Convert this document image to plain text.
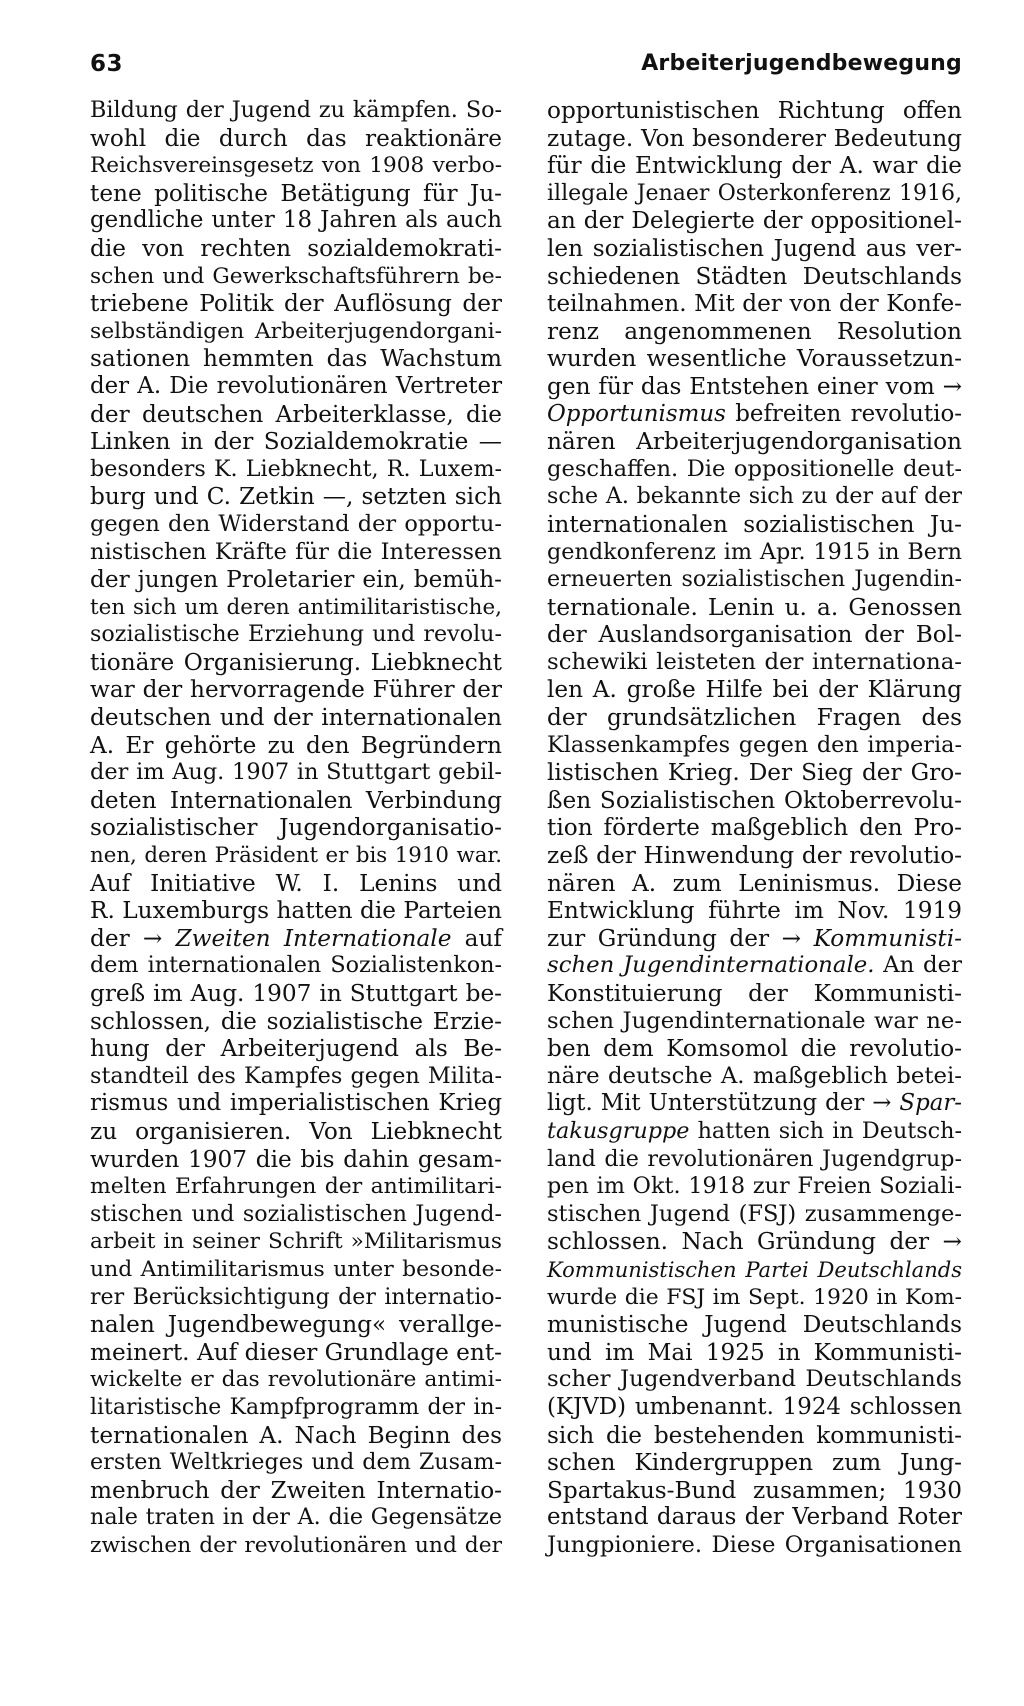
63	Arbeiterjugendbewegung
Bildung der Jugend zu kämpfen. So-
wohl die durch das reaktionäre
Reichsvereinsgesetz von 1908 verbo-
tene politische Betätigung für Ju-
gendliche unter 18 Jahren als auch
die von rechten sozialdemokrati-
schen und Gewerkschaftsführern be-
triebene Politik der Auflösung der
selbständigen Arbeiterjugendorgani-
sationen hemmten das Wachstum
der A. Die revolutionären Vertreter
der deutschen Arbeiterklasse, die
Linken in der Sozialdemokratie —
besonders K. Liebknecht, R. Luxem-
burg und C. Zetkin —, setzten sich
gegen den Widerstand der opportu-
nistischen Kräfte für die Interessen
der jungen Proletarier ein, bemüh-
ten sich um deren antimilitaristische,
sozialistische Erziehung und revolu-
tionäre Organisierung. Liebknecht
war der hervorragende Führer der
deutschen und der internationalen
A. Er gehörte zu den Begründern
der im Aug. 1907 in Stuttgart gebil-
deten Internationalen Verbindung
sozialistischer Jugendorganisatio-
nen, deren Präsident er bis 1910 war.
Auf Initiative W. I. Lenins und
R. Luxemburgs hatten die Parteien
der → Zweiten Internationale auf
dem internationalen Sozialistenkon-
greß im Aug. 1907 in Stuttgart be-
schlossen, die sozialistische Erzie-
hung der Arbeiterjugend als Be-
standteil des Kampfes gegen Milita-
rismus und imperialistischen Krieg
zu organisieren. Von Liebknecht
wurden 1907 die bis dahin gesam-
melten Erfahrungen der antimilitari-
stischen und sozialistischen Jugend-
arbeit in seiner Schrift »Militarismus
und Antimilitarismus unter besonde-
rer Berücksichtigung der internatio-
nalen Jugendbewegung« verallge-
meinert. Auf dieser Grundlage ent-
wickelte er das revolutionäre antimi-
litaristische Kampfprogramm der in-
ternationalen A. Nach Beginn des
ersten Weltkrieges und dem Zusam-
menbruch der Zweiten Internatio-
nale traten in der A. die Gegensätze
zwischen der revolutionären und der
opportunistischen Richtung offen
zutage. Von besonderer Bedeutung
für die Entwicklung der A. war die
illegale Jenaer Osterkonferenz 1916,
an der Delegierte der oppositionel-
len sozialistischen Jugend aus ver-
schiedenen Städten Deutschlands
teilnahmen. Mit der von der Konfe-
renz angenommenen Resolution
wurden wesentliche Voraussetzun-
gen für das Entstehen einer vom →
Opportunismus befreiten revolutio-
nären Arbeiterjugendorganisation
geschaffen. Die oppositionelle deut-
sche A. bekannte sich zu der auf der
internationalen sozialistischen Ju-
gendkonferenz im Apr. 1915 in Bern
erneuerten sozialistischen Jugendin-
ternationale. Lenin u. a. Genossen
der Auslandsorganisation der Bol-
schewiki leisteten der internationa-
len A. große Hilfe bei der Klärung
der grundsätzlichen Fragen des
Klassenkampfes gegen den imperia-
listischen Krieg. Der Sieg der Gro-
ßen Sozialistischen Oktoberrevolu-
tion förderte maßgeblich den Pro-
zeß der Hinwendung der revolutio-
nären A. zum Leninismus. Diese
Entwicklung führte im Nov. 1919
zur Gründung der → Kommunisti-
schen Jugendinternationale. An der
Konstituierung der Kommunisti-
schen Jugendinternationale war ne-
ben dem Komsomol die revolutio-
näre deutsche A. maßgeblich betei-
ligt. Mit Unterstützung der → Spar-
takusgruppe hatten sich in Deutsch-
land die revolutionären Jugendgrup-
pen im Okt. 1918 zur Freien Soziali-
stischen Jugend (FSJ) zusammenge-
schlossen. Nach Gründung der →
Kommunistischen Partei Deutschlands
wurde die FSJ im Sept. 1920 in Kom-
munistische Jugend Deutschlands
und im Mai 1925 in Kommunisti-
scher Jugendverband Deutschlands
(KJVD) umbenannt. 1924 schlossen
sich die bestehenden kommunisti-
schen Kindergruppen zum Jung-
Spartakus-Bund zusammen; 1930
entstand daraus der Verband Roter
Jungpioniere. Diese Organisationen
